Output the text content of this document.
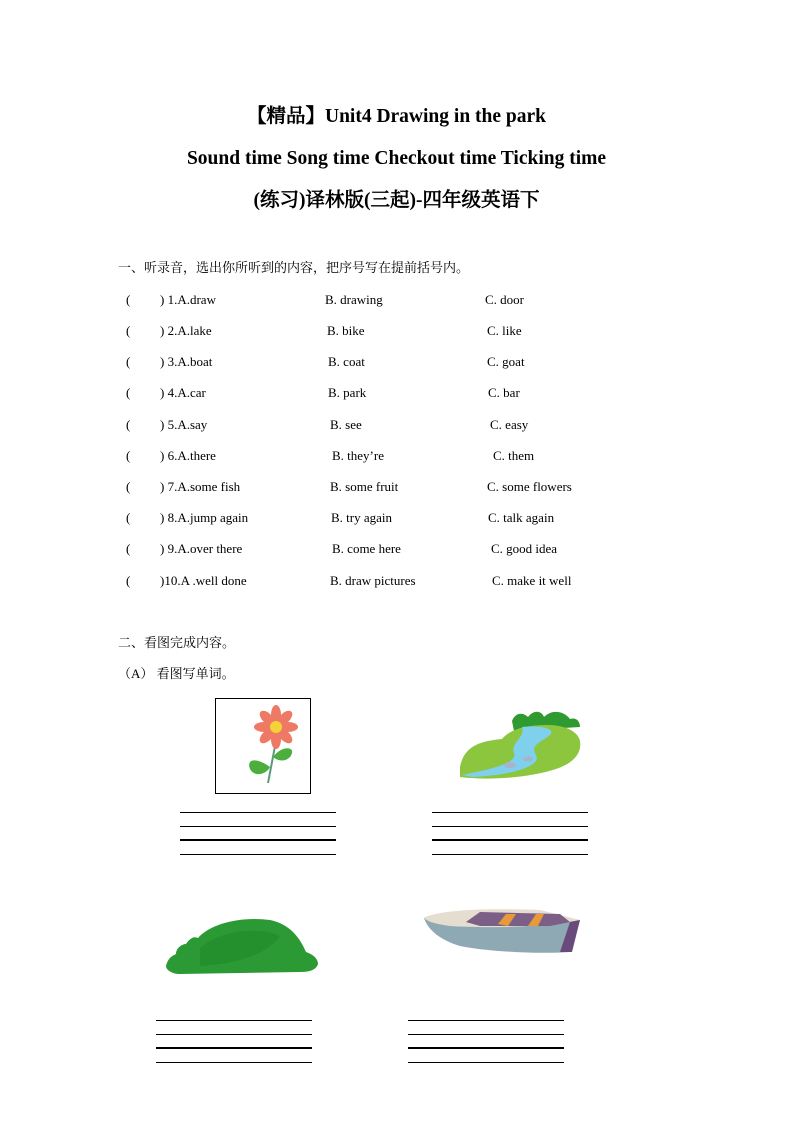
【精品】Unit4 Drawing in the park
Sound time Song time Checkout time Ticking time
(练习)译林版(三起)-四年级英语下
一、听录音，选出你所听到的内容，把序号写在提前括号内。
( ) 1.A.draw	B. drawing	C. door
( ) 2.A.lake	B. bike	C. like
( ) 3.A.boat	B. coat	C. goat
( ) 4.A.car	B. park	C. bar
( ) 5.A.say	B. see	C. easy
( ) 6.A.there	B. they’re	C. them
( ) 7.A.some fish	B. some fruit	C. some flowers
( ) 8.A.jump again	B. try again	C. talk again
( ) 9.A.over there	B. come here	C. good idea
( )10.A .well done	B. draw pictures	C. make it well
二、看图完成内容。
（A） 看图写单词。
